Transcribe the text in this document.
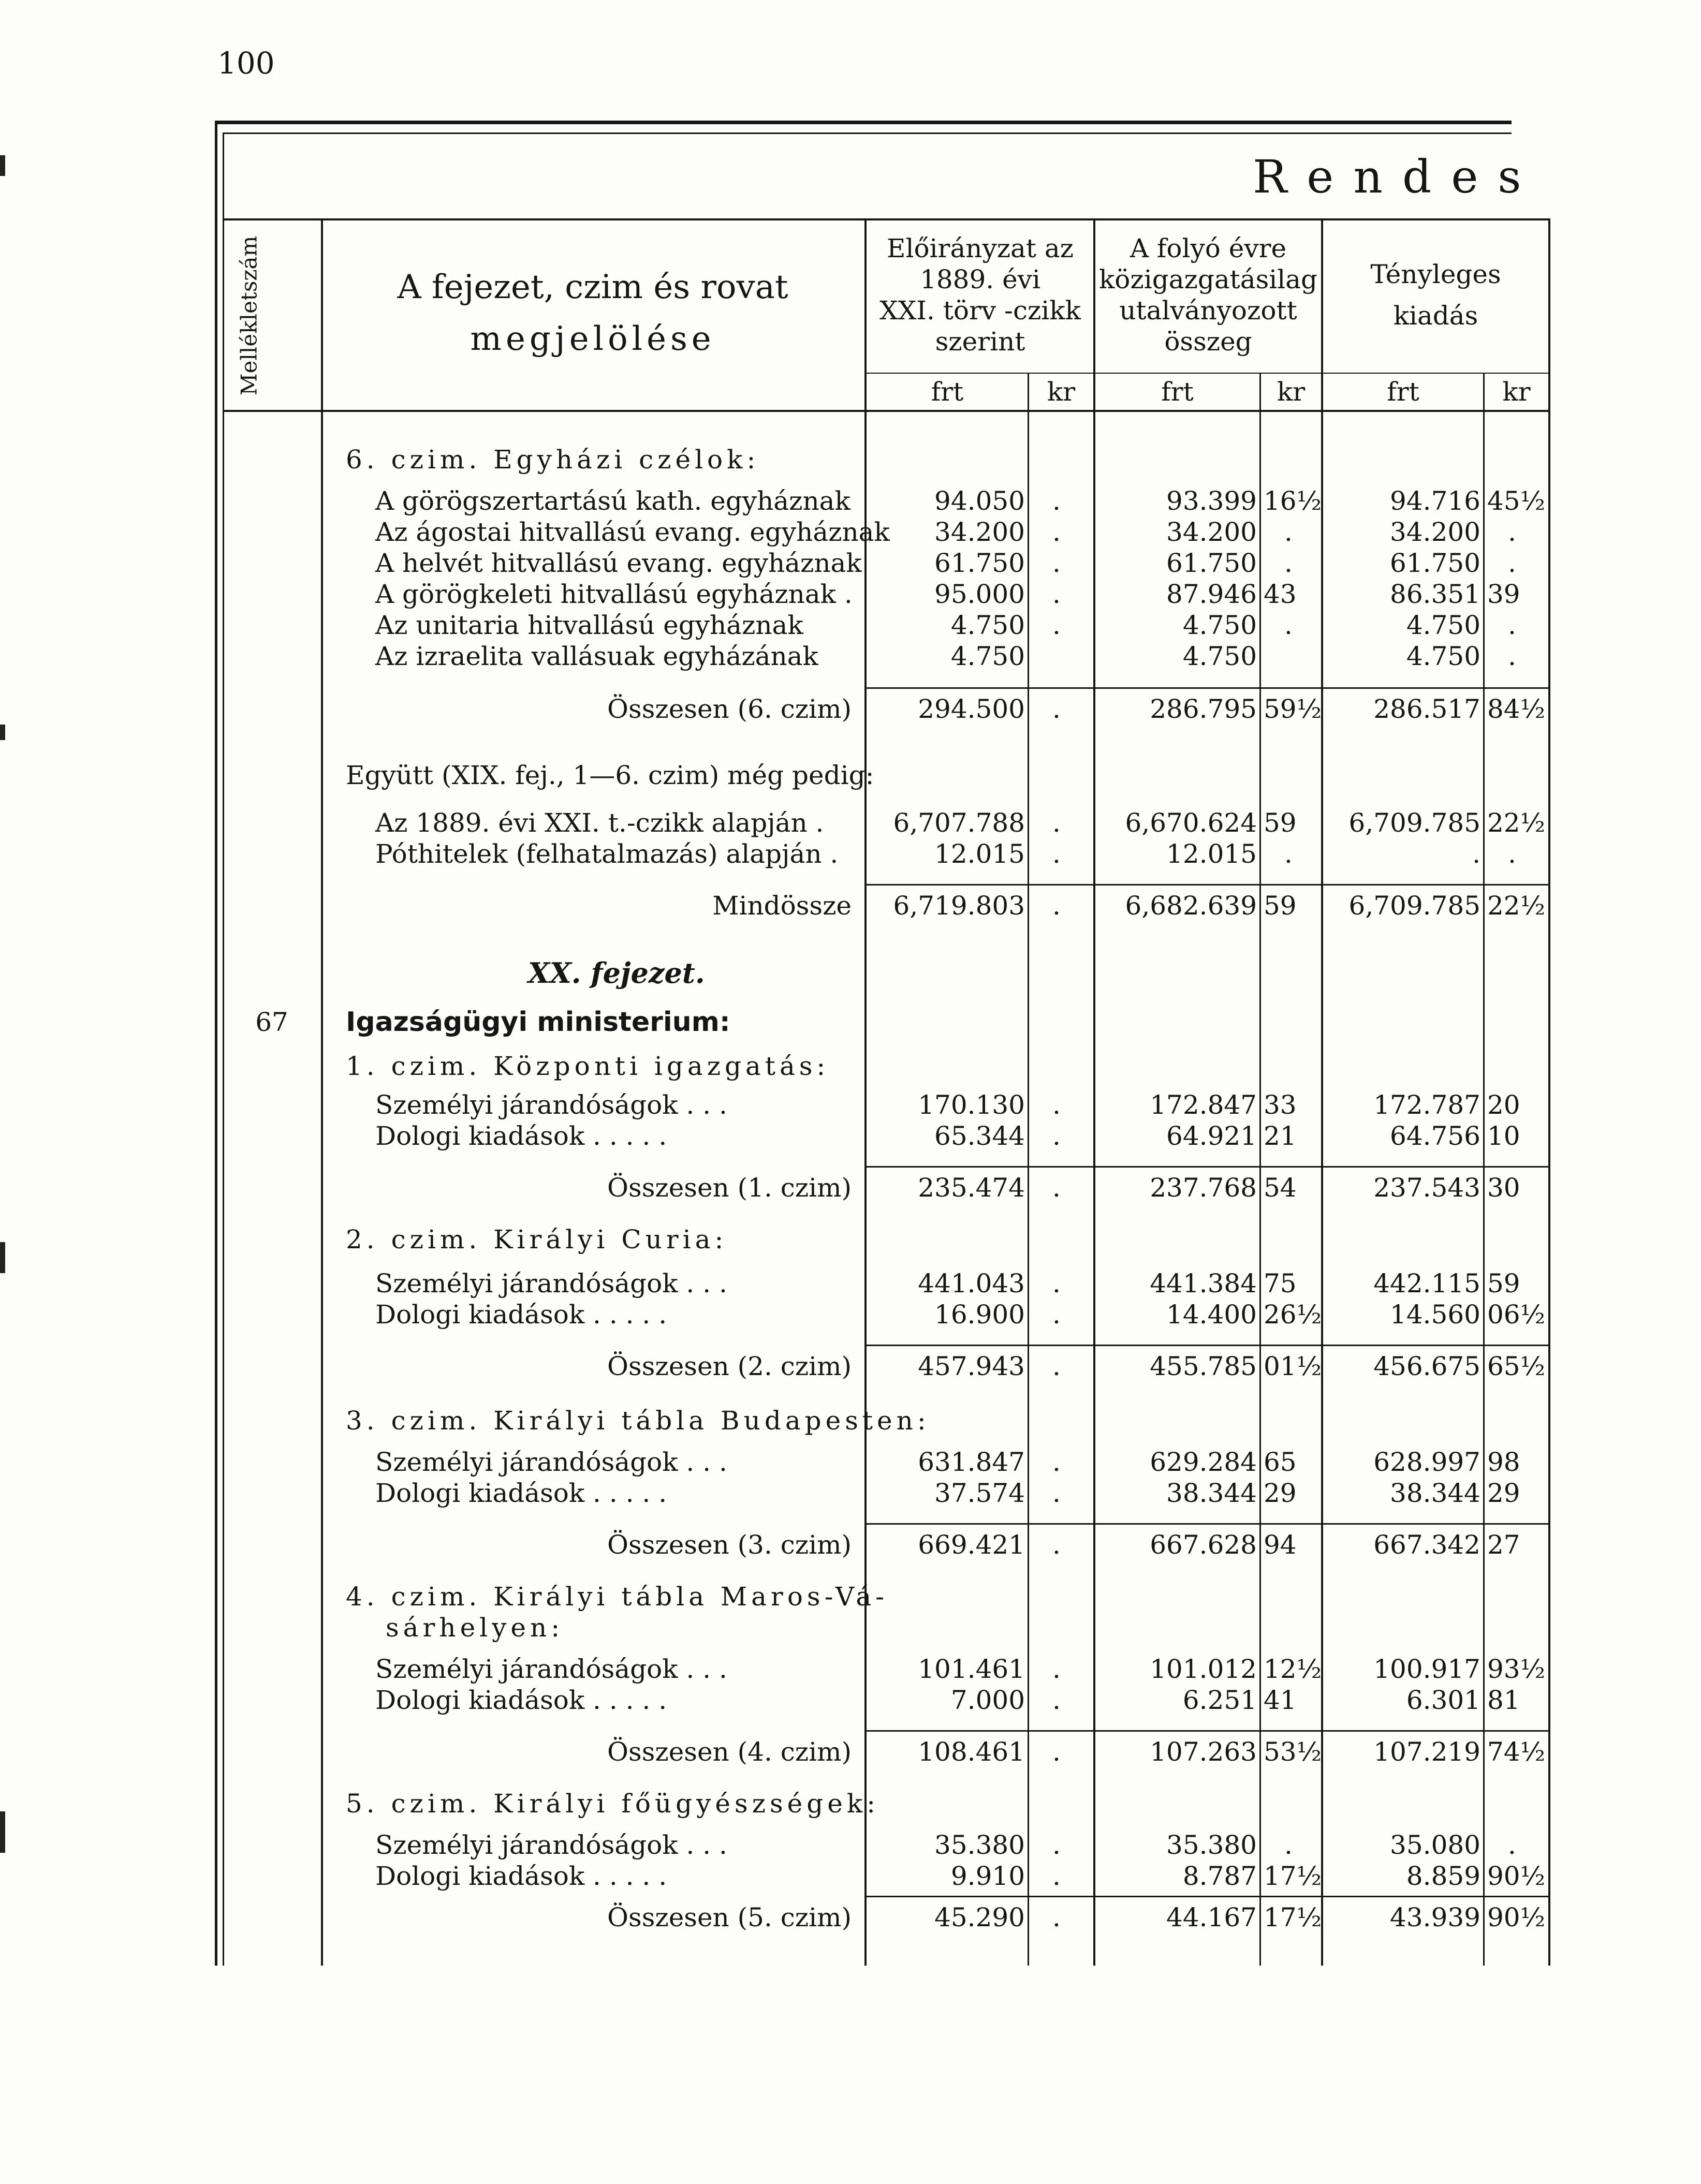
100
Rendes
Mellékletszám	A fejezet, czim és rovat
megjelölése
Előirányzat az
1889. évi
XXI. törv -czikk
szerint
A folyó évre
közigazgatásilag
utalványozott
összeg
Tényleges
kiadás
frt	kr	frt	kr	frt	kr
6. czim. Egyházi czélok:
A görögszertartású kath. egyháznak	94.050 .	93.399 16½	94.716 45½
Az ágostai hitvallású evang. egyháznak	34.200 .	34.200 .	34.200 .
A helvét hitvallású evang. egyháznak	61.750 .	61.750 .	61.750 .
A görögkeleti hitvallású egyháznak .	95.000 .	87.946 43	86.351 39
Az unitaria hitvallású egyháznak	4.750 .	4.750 .	4.750 .
Az izraelita vallásuak egyházának	4.750	4.750	4.750 .
Összesen (6. czim)	294.500 .	286.795 59½	286.517 84½
Együtt (XIX. fej., 1—6. czim) még pedig:
Az 1889. évi XXI. t.-czikk alapján .	6,707.788 .	6,670.624 59	6,709.785 22½
Póthitelek (felhatalmazás) alapján .	12.015 .	12.015 .	. .
Mindössze	6,719.803 .	6,682.639 59	6,709.785 22½
XX. fejezet.
Igazságügyi ministerium:
67
1. czim. Központi igazgatás:
Személyi járandóságok . . .	170.130 .	172.847 33	172.787 20
Dologi kiadások . . . . .	65.344 .	64.921 21	64.756 10
Összesen (1. czim)	235.474 .	237.768 54	237.543 30
2. czim. Királyi Curia:
Személyi járandóságok . . .	441.043 .	441.384 75	442.115 59
Dologi kiadások . . . . .	16.900 .	14.400 26½	14.560 06½
Összesen (2. czim)	457.943 .	455.785 01½	456.675 65½
3. czim. Királyi tábla Budapesten:
Személyi járandóságok . . .	631.847 .	629.284 65	628.997 98
Dologi kiadások . . . . .	37.574 .	38.344 29	38.344 29
Összesen (3. czim)	669.421 .	667.628 94	667.342 27
4. czim. Királyi tábla Maros-Vá-
sárhelyen:
Személyi járandóságok . . .	101.461 .	101.012 12½	100.917 93½
Dologi kiadások . . . . .	7.000 .	6.251 41	6.301 81
Összesen (4. czim)	108.461 .	107.263 53½	107.219 74½
5. czim. Királyi főügyészségek:
Személyi járandóságok . . .	35.380 .	35.380 .	35.080 .
Dologi kiadások . . . . .	9.910 .	8.787 17½	8.859 90½
Összesen (5. czim)	45.290 .	44.167 17½	43.939 90½
